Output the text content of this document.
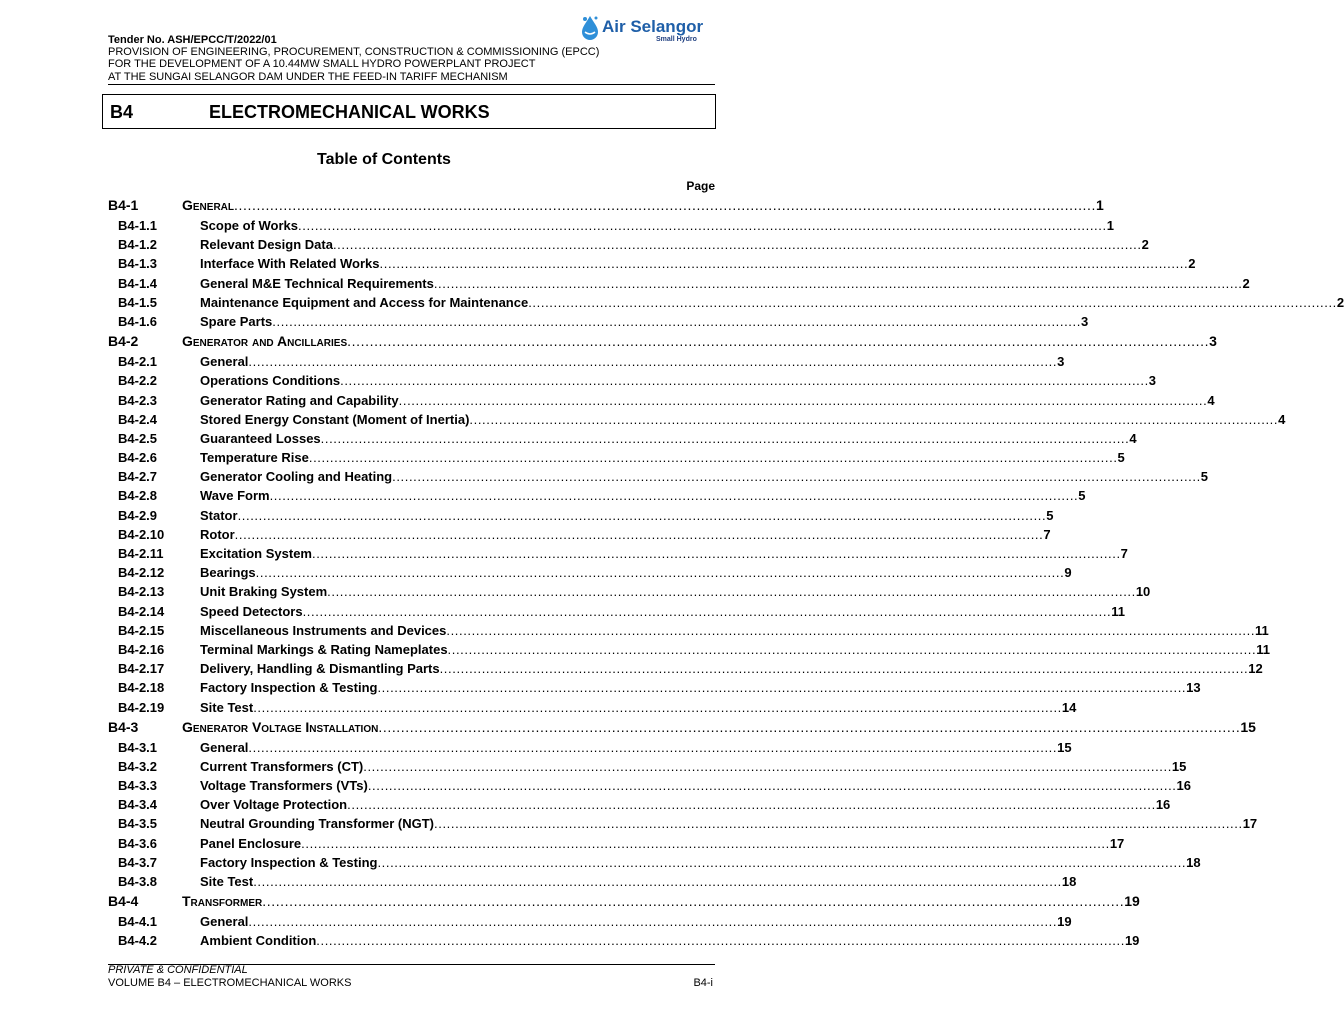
Tender No. ASH/EPCC/T/2022/01
PROVISION OF ENGINEERING, PROCUREMENT, CONSTRUCTION & COMMISSIONING (EPCC)
FOR THE DEVELOPMENT OF A 10.44MW SMALL HYDRO POWERPLANT PROJECT
AT THE SUNGAI SELANGOR DAM UNDER THE FEED-IN TARIFF MECHANISM
Air Selangor
Small Hydro
B4	ELECTROMECHANICAL WORKS
Table of Contents
Page
B4-1	General .....	1
B4-1.1	Scope of Works .....	1
B4-1.2	Relevant Design Data .....	2
B4-1.3	Interface With Related Works .....	2
B4-1.4	General M&E Technical Requirements .....	2
B4-1.5	Maintenance Equipment and Access for Maintenance .....	2
B4-1.6	Spare Parts .....	3
B4-2	Generator and Ancillaries .....	3
B4-2.1	General .....	3
B4-2.2	Operations Conditions .....	3
B4-2.3	Generator Rating and Capability .....	4
B4-2.4	Stored Energy Constant (Moment of Inertia) .....	4
B4-2.5	Guaranteed Losses .....	4
B4-2.6	Temperature Rise .....	5
B4-2.7	Generator Cooling and Heating .....	5
B4-2.8	Wave Form .....	5
B4-2.9	Stator .....	5
B4-2.10	Rotor .....	7
B4-2.11	Excitation System .....	7
B4-2.12	Bearings .....	9
B4-2.13	Unit Braking System .....	10
B4-2.14	Speed Detectors .....	11
B4-2.15	Miscellaneous Instruments and Devices .....	11
B4-2.16	Terminal Markings & Rating Nameplates .....	11
B4-2.17	Delivery, Handling & Dismantling Parts .....	12
B4-2.18	Factory Inspection & Testing .....	13
B4-2.19	Site Test .....	14
B4-3	Generator Voltage Installation .....	15
B4-3.1	General .....	15
B4-3.2	Current Transformers (CT) .....	15
B4-3.3	Voltage Transformers (VTs) .....	16
B4-3.4	Over Voltage Protection .....	16
B4-3.5	Neutral Grounding Transformer (NGT) .....	17
B4-3.6	Panel Enclosure .....	17
B4-3.7	Factory Inspection & Testing .....	18
B4-3.8	Site Test .....	18
B4-4	Transformer .....	19
B4-4.1	General .....	19
B4-4.2	Ambient Condition .....	19
PRIVATE & CONFIDENTIAL
VOLUME B4 – ELECTROMECHANICAL WORKS	B4-i
